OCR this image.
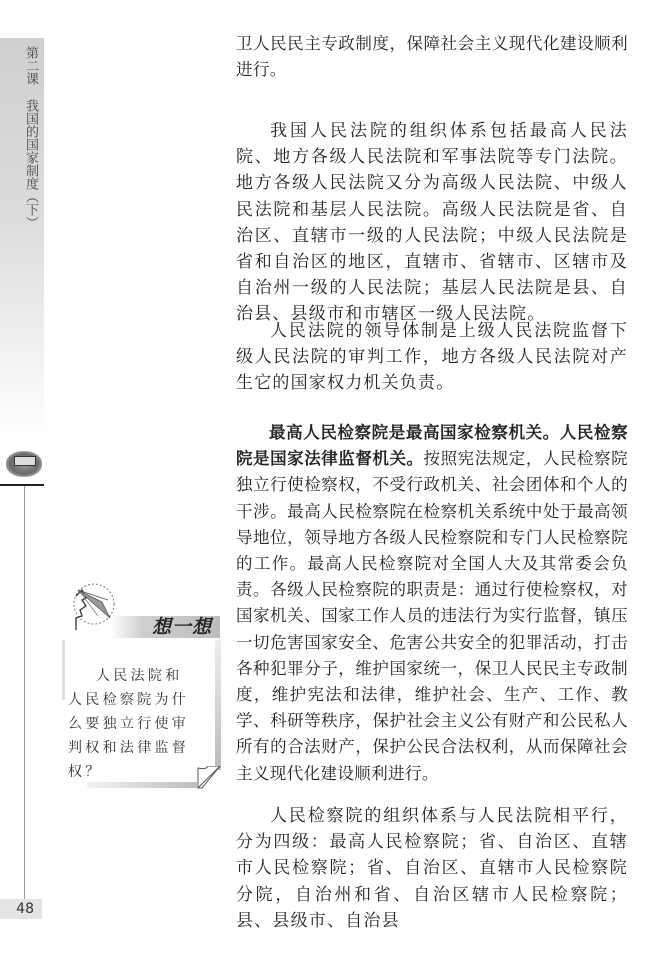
第二课我国的国家制度（下）
48

卫人民民主专政制度，保障社会主义现代化建设顺利进行。

我国人民法院的组织体系包括最高人民法院、地方各级人民法院和军事法院等专门法院。地方各级人民法院又分为高级人民法院、中级人民法院和基层人民法院。高级人民法院是省、自治区、直辖市一级的人民法院；中级人民法院是省和自治区的地区，直辖市、省辖市、区辖市及自治州一级的人民法院；基层人民法院是县、自治县、县级市和市辖区一级人民法院。

人民法院的领导体制是上级人民法院监督下级人民法院的审判工作，地方各级人民法院对产生它的国家权力机关负责。

最高人民检察院是最高国家检察机关。人民检察院是国家法律监督机关。按照宪法规定，人民检察院独立行使检察权，不受行政机关、社会团体和个人的干涉。最高人民检察院在检察机关系统中处于最高领导地位，领导地方各级人民检察院和专门人民检察院的工作。最高人民检察院对全国人大及其常委会负责。各级人民检察院的职责是：通过行使检察权，对国家机关、国家工作人员的违法行为实行监督，镇压一切危害国家安全、危害公共安全的犯罪活动，打击各种犯罪分子，维护国家统一，保卫人民民主专政制度，维护宪法和法律，维护社会、生产、工作、教学、科研等秩序，保护社会主义公有财产和公民私人所有的合法财产，保护公民合法权利，从而保障社会主义现代化建设顺利进行。

人民检察院的组织体系与人民法院相平行，分为四级：最高人民检察院；省、自治区、直辖市人民检察院；省、自治区、直辖市人民检察院分院，自治州和省、自治区辖市人民检察院；县、县级市、自治县

想一想
人民法院和人民检察院为什么要独立行使审判权和法律监督权？
